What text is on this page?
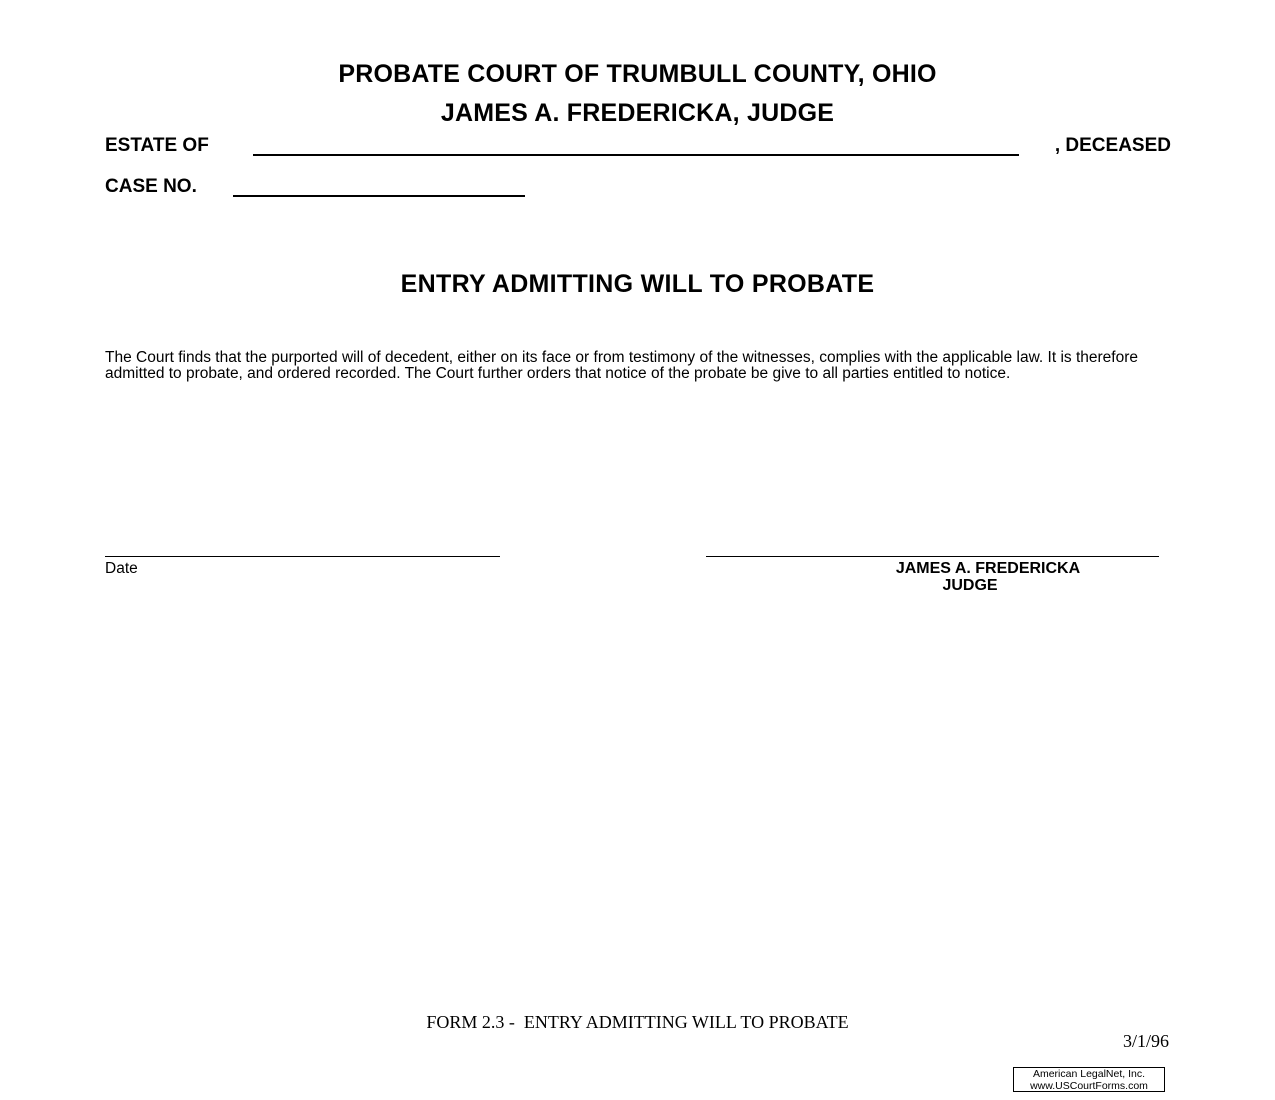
PROBATE COURT OF TRUMBULL COUNTY, OHIO
JAMES A. FREDERICKA, JUDGE
ESTATE OF	, DECEASED
CASE NO.
ENTRY ADMITTING WILL TO PROBATE
The Court finds that the purported will of decedent, either on its face or from testimony of the witnesses, complies with the applicable law. It is therefore admitted to probate, and ordered recorded. The Court further orders that notice of the probate be give to all parties entitled to notice.
Date	JAMES A. FREDERICKA
JUDGE
FORM 2.3 -  ENTRY ADMITTING WILL TO PROBATE
3/1/96
American LegalNet, Inc.
www.USCourtForms.com
